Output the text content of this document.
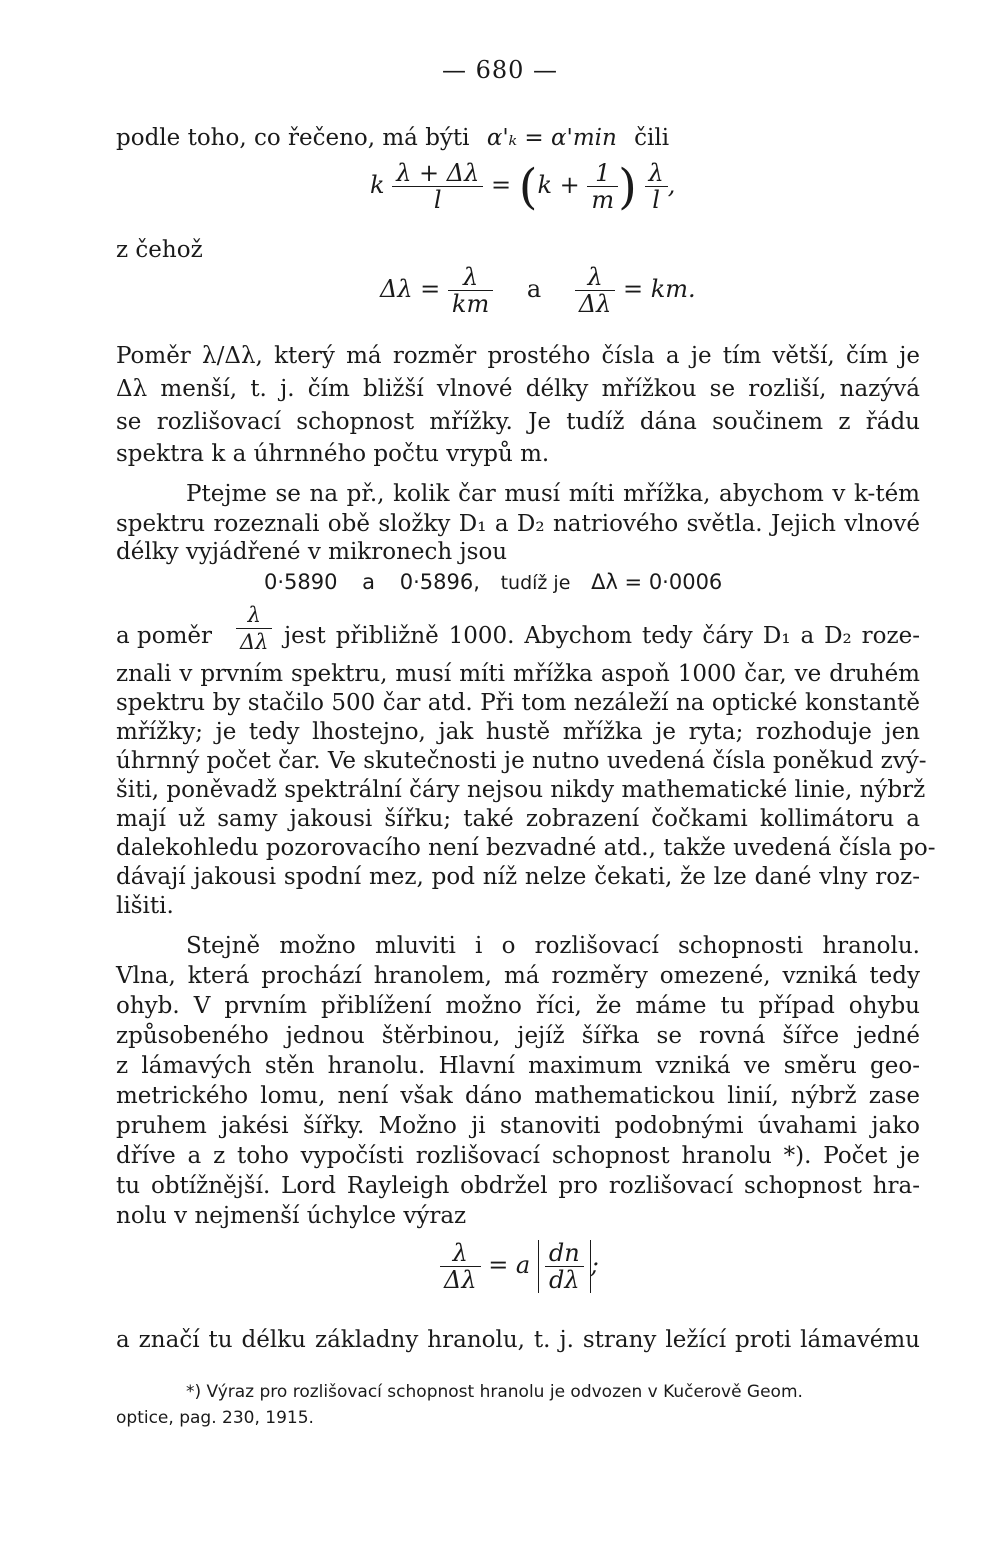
— 680 —
podle toho, co řečeno, má býti α'ₖ = α'min čili
k $\frac{\lambda + \Delta\lambda}{l} = (k + \frac{1}{m}$ ) $\frac{\lambda}{l}$ ,
z čehož
$\Delta\lambda = \frac{\lambda}{km}$ a $\frac{\lambda}{\Delta\lambda}$ = km.
Poměr λ/Δλ, který má rozměr prostého čísla a je tím větší, čím je
Δλ menší, t. j. čím bližší vlnové délky mřížkou se rozliší, nazývá
se rozlišovací schopnost mřížky. Je tudíž dána součinem z řádu
spektra k a úhrnného počtu vrypů m.
Ptejme se na př., kolik čar musí míti mřížka, abychom v k-tém
spektru rozeznali obě složky D₁ a D₂ natriového světla. Jejich vlnové
délky vyjádřené v mikronech jsou
0·5890 a 0·5896, tudíž je Δλ = 0·0006
a poměr $\frac{\lambda}{\Delta\lambda}$ jest přibližně 1000. Abychom tedy čáry D₁ a D₂ roze-
znali v prvním spektru, musí míti mřížka aspoň 1000 čar, ve druhém
spektru by stačilo 500 čar atd. Při tom nezáleží na optické konstantě
mřížky; je tedy lhostejno, jak hustě mřížka je ryta; rozhoduje jen
úhrnný počet čar. Ve skutečnosti je nutno uvedená čísla poněkud zvý-
šiti, poněvadž spektrální čáry nejsou nikdy mathematické linie, nýbrž
mají už samy jakousi šířku; také zobrazení čočkami kollimátoru a
dalekohledu pozorovacího není bezvadné atd., takže uvedená čísla po-
dávají jakousi spodní mez, pod níž nelze čekati, že lze dané vlny roz-
lišiti.
Stejně možno mluviti i o rozlišovací schopnosti hranolu.
Vlna, která prochází hranolem, má rozměry omezené, vzniká tedy
ohyb. V prvním přiblížení možno říci, že máme tu případ ohybu
způsobeného jednou štěrbinou, jejíž šířka se rovná šířce jedné
z lámavých stěn hranolu. Hlavní maximum vzniká ve směru geo-
metrického lomu, není však dáno mathematickou linií, nýbrž zase
pruhem jakési šířky. Možno ji stanoviti podobnými úvahami jako
dříve a z toho vypočísti rozlišovací schopnost hranolu *). Počet je
tu obtížnější. Lord Rayleigh obdržel pro rozlišovací schopnost hra-
nolu v nejmenší úchylce výraz
$\frac{\lambda}{\Delta\lambda} = a \frac{dn}{d\lambda}$ ;
a značí tu délku základny hranolu, t. j. strany ležící proti lámavému
*) Výraz pro rozlišovací schopnost hranolu je odvozen v Kučerově Geom.
optice, pag. 230, 1915.
